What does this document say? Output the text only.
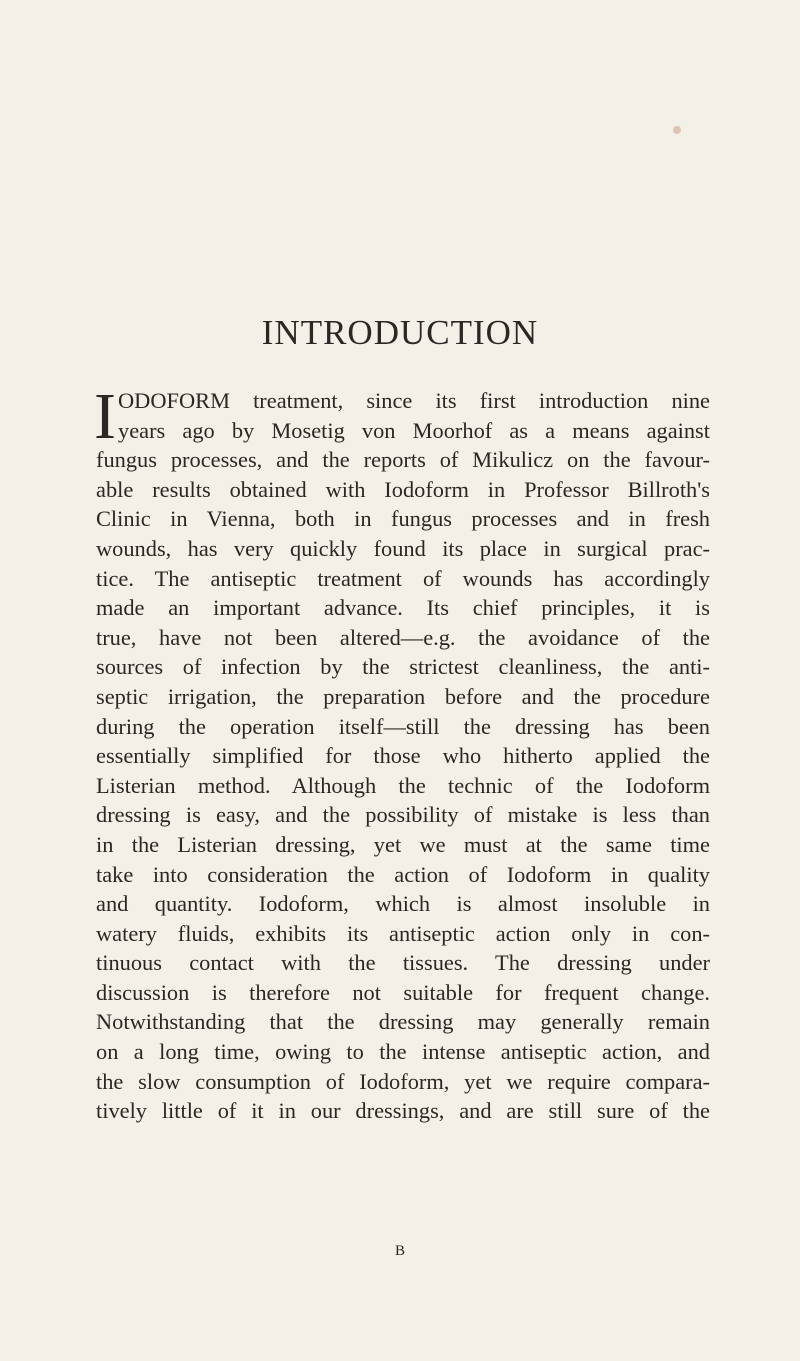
INTRODUCTION
I ODOFORM treatment, since its first introduction nine
years ago by Mosetig von Moorhof as a means against
fungus processes, and the reports of Mikulicz on the favour-
able results obtained with Iodoform in Professor Billroth's
Clinic in Vienna, both in fungus processes and in fresh
wounds, has very quickly found its place in surgical prac-
tice. The antiseptic treatment of wounds has accordingly
made an important advance. Its chief principles, it is
true, have not been altered—e.g. the avoidance of the
sources of infection by the strictest cleanliness, the anti-
septic irrigation, the preparation before and the procedure
during the operation itself—still the dressing has been
essentially simplified for those who hitherto applied the
Listerian method. Although the technic of the Iodoform
dressing is easy, and the possibility of mistake is less than
in the Listerian dressing, yet we must at the same time
take into consideration the action of Iodoform in quality
and quantity. Iodoform, which is almost insoluble in
watery fluids, exhibits its antiseptic action only in con-
tinuous contact with the tissues. The dressing under
discussion is therefore not suitable for frequent change.
Notwithstanding that the dressing may generally remain
on a long time, owing to the intense antiseptic action, and
the slow consumption of Iodoform, yet we require compara-
tively little of it in our dressings, and are still sure of the
B
